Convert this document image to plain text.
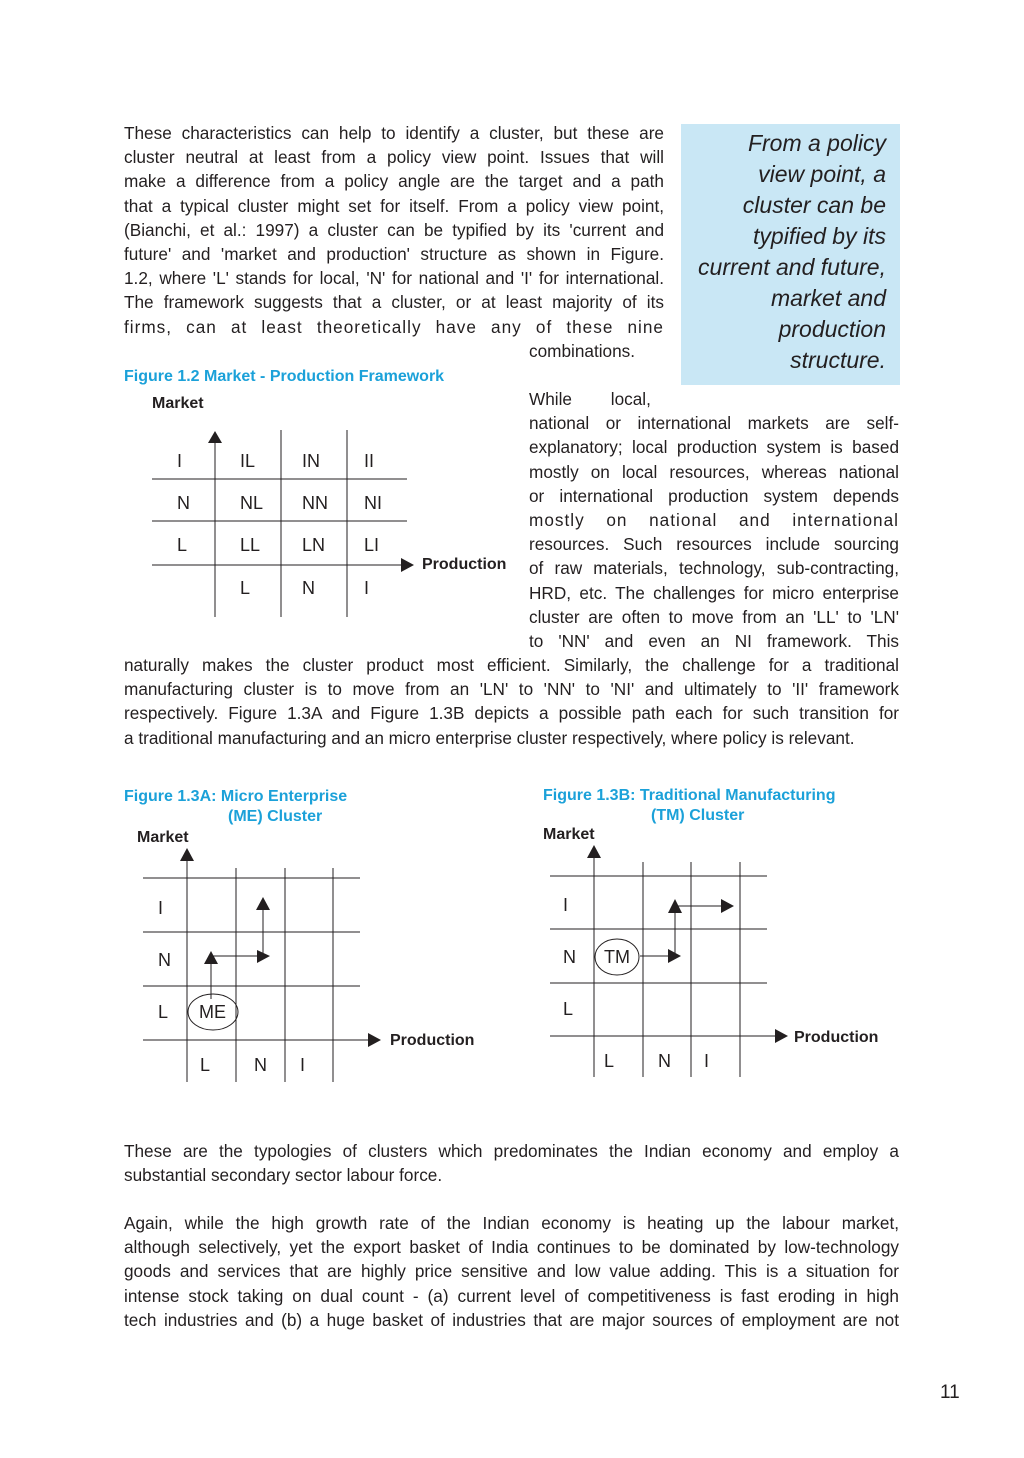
These characteristics can help to identify a cluster, but these are
cluster neutral at least from a policy view point. Issues that will
make a difference from a policy angle are the target and a path
that a typical cluster might set for itself. From a policy view point,
(Bianchi, et al.: 1997) a cluster can be typified by its 'current and
future' and 'market and production' structure as shown in Figure.
1.2, where 'L' stands for local, 'N' for national and 'I' for international.
The framework suggests that a cluster, or at least majority of its
firms, can at least theoretically have any of these nine
combinations.
From a policy
view point, a
cluster can be
typified by its
current and future,
market and
production
structure.
Figure 1.2 Market - Production Framework
Market
Production
I	IL	IN II
N	NL NN NI
L	LL LN LI
L	N	I
While local,
national or international markets are self-
explanatory; local production system is based
mostly on local resources, whereas national
or international production system depends
mostly on national and international
resources. Such resources include sourcing
of raw materials, technology, sub-contracting,
HRD, etc. The challenges for micro enterprise
cluster are often to move from an 'LL' to 'LN'
to 'NN' and even an NI framework. This
naturally makes the cluster product most efficient. Similarly, the challenge for a traditional
manufacturing cluster is to move from an 'LN' to 'NN' to 'NI' and ultimately to 'II' framework
respectively. Figure 1.3A and Figure 1.3B depicts a possible path each for such transition for
a traditional manufacturing and an micro enterprise cluster respectively, where policy is relevant.
Figure 1.3A: Micro Enterprise
(ME) Cluster
Market
Production
I
N
L ME
L N I
Figure 1.3B: Traditional Manufacturing
(TM) Cluster
Market
Production
I
N
L
TM
L N I
These are the typologies of clusters which predominates the Indian economy and employ a
substantial secondary sector labour force.
Again, while the high growth rate of the Indian economy is heating up the labour market,
although selectively, yet the export basket of India continues to be dominated by low-technology
goods and services that are highly price sensitive and low value adding. This is a situation for
intense stock taking on dual count - (a) current level of competitiveness is fast eroding in high
tech industries and (b) a huge basket of industries that are major sources of employment are not
11
